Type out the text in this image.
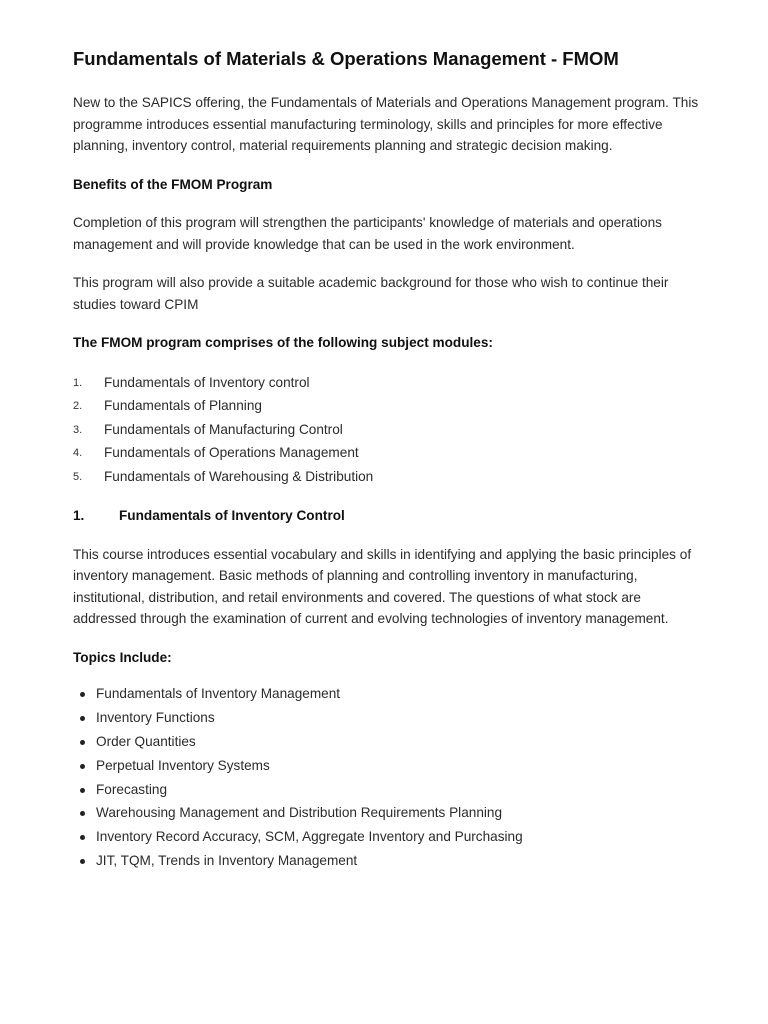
Fundamentals of Materials & Operations Management - FMOM

New to the SAPICS offering, the Fundamentals of Materials and Operations Management program. This programme introduces essential manufacturing terminology, skills and principles for more effective planning, inventory control, material requirements planning and strategic decision making.

Benefits of the FMOM Program

Completion of this program will strengthen the participants' knowledge of materials and operations management and will provide knowledge that can be used in the work environment.

This program will also provide a suitable academic background for those who wish to continue their studies toward CPIM

The FMOM program comprises of the following subject modules:
1. Fundamentals of Inventory control
2. Fundamentals of Planning
3. Fundamentals of Manufacturing Control
4. Fundamentals of Operations Management
5. Fundamentals of Warehousing & Distribution
1.	Fundamentals of Inventory Control

This course introduces essential vocabulary and skills in identifying and applying the basic principles of inventory management. Basic methods of planning and controlling inventory in manufacturing, institutional, distribution, and retail environments and covered. The questions of what stock are addressed through the examination of current and evolving technologies of inventory management.

Topics Include:
Fundamentals of Inventory Management
Inventory Functions
Order Quantities
Perpetual Inventory Systems
Forecasting
Warehousing Management and Distribution Requirements Planning
Inventory Record Accuracy, SCM, Aggregate Inventory and Purchasing
JIT, TQM, Trends in Inventory Management
